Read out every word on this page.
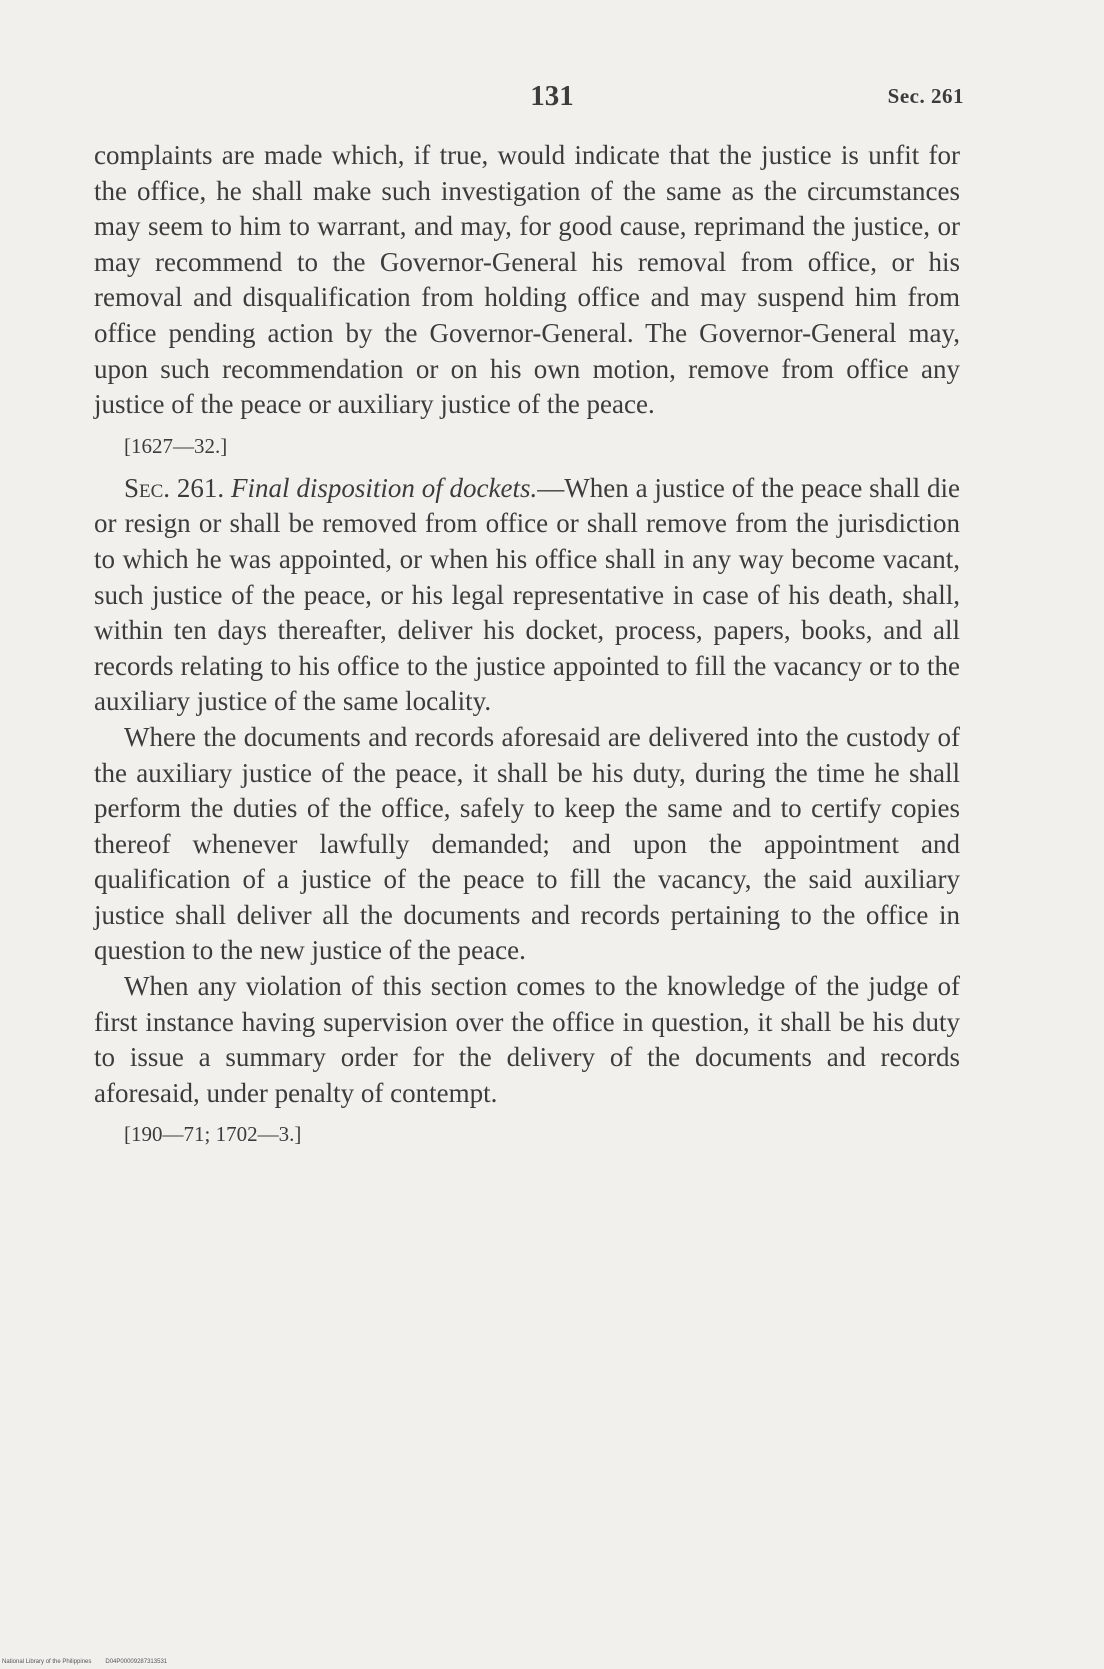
131	Sec. 261

complaints are made which, if true, would indicate that the justice is unfit for the office, he shall make such investigation of the same as the circumstances may seem to him to warrant, and may, for good cause, reprimand the justice, or may recommend to the Governor-General his removal from office, or his removal and disqualification from holding office and may suspend him from office pending action by the Governor-General. The Governor-General may, upon such recommendation or on his own motion, remove from office any justice of the peace or auxiliary justice of the peace.

[1627—32.]

Sec. 261. Final disposition of dockets.—When a justice of the peace shall die or resign or shall be removed from office or shall remove from the jurisdiction to which he was appointed, or when his office shall in any way become vacant, such justice of the peace, or his legal representative in case of his death, shall, within ten days thereafter, deliver his docket, process, papers, books, and all records relating to his office to the justice appointed to fill the vacancy or to the auxiliary justice of the same locality.

Where the documents and records aforesaid are delivered into the custody of the auxiliary justice of the peace, it shall be his duty, during the time he shall perform the duties of the office, safely to keep the same and to certify copies thereof whenever lawfully demanded; and upon the appointment and qualification of a justice of the peace to fill the vacancy, the said auxiliary justice shall deliver all the documents and records pertaining to the office in question to the new justice of the peace.

When any violation of this section comes to the knowledge of the judge of first instance having supervision over the office in question, it shall be his duty to issue a summary order for the delivery of the documents and records aforesaid, under penalty of contempt.

[190—71; 1702—3.]

National Library of the Philippines D04P00009287313531
